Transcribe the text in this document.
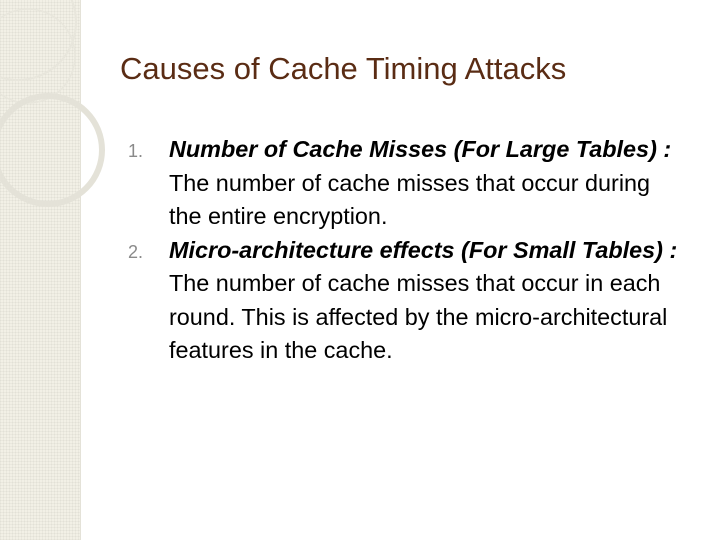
Causes of Cache Timing Attacks
1. Number of Cache Misses (For Large Tables) : The number of cache misses that occur during the entire encryption.
2. Micro-architecture effects (For Small Tables) : The number of cache misses that occur in each round. This is affected by the micro-architectural features in the cache.
